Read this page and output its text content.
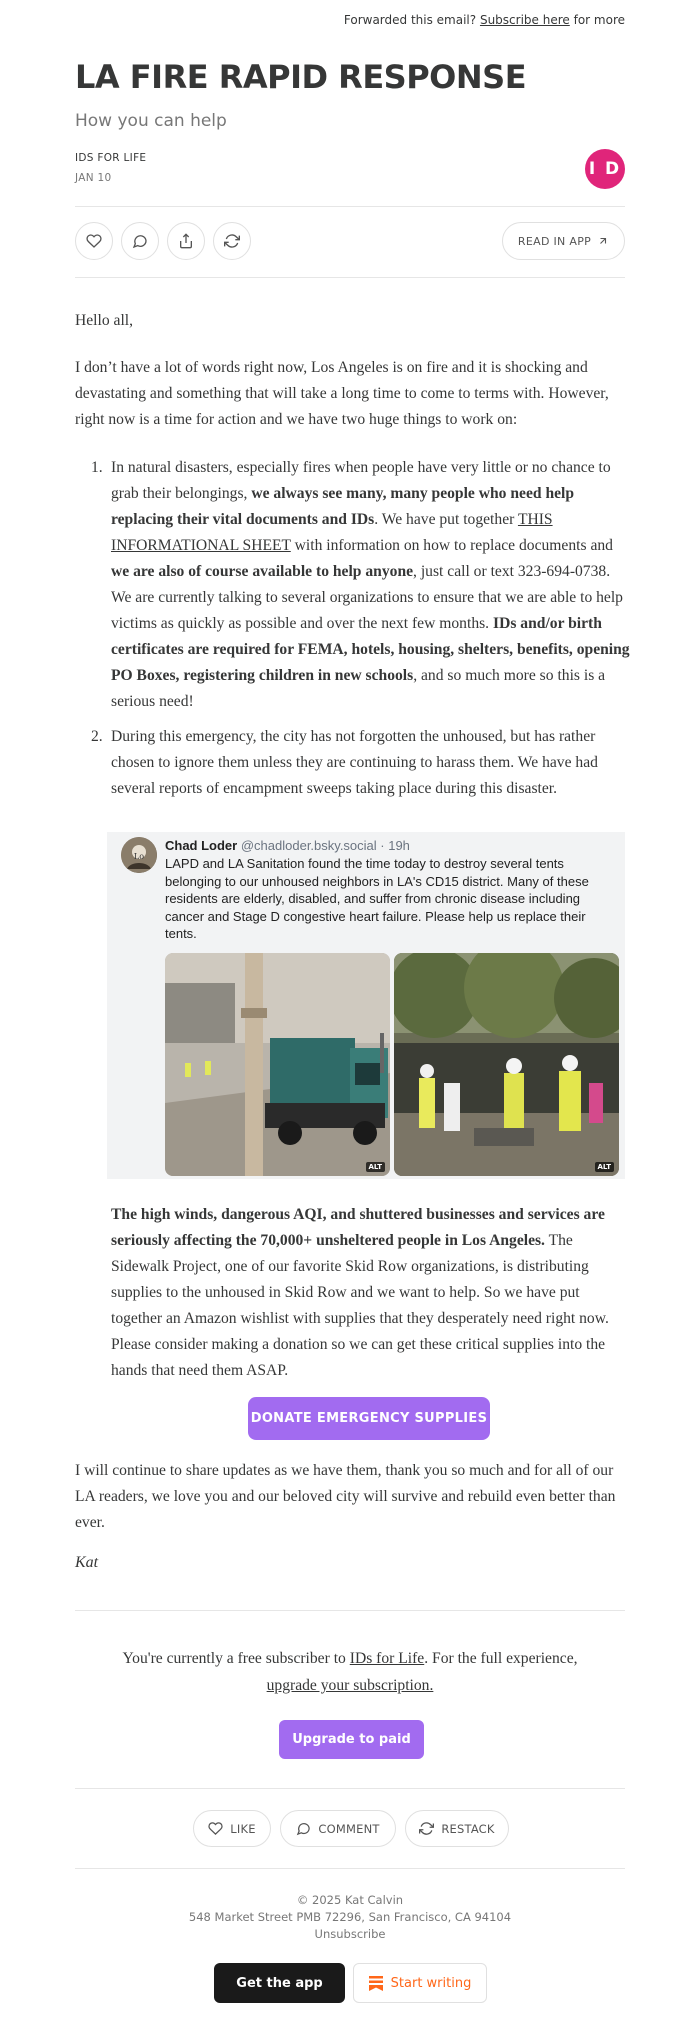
Forwarded this email? Subscribe here for more
LA FIRE RAPID RESPONSE
How you can help
IDS FOR LIFE
JAN 10	I D
READ IN APP
Hello all,
I don’t have a lot of words right now, Los Angeles is on fire and it is shocking and devastating and something that will take a long time to come to terms with. However, right now is a time for action and we have two huge things to work on:
1. In natural disasters, especially fires when people have very little or no chance to grab their belongings, we always see many, many people who need help replacing their vital documents and IDs. We have put together THIS INFORMATIONAL SHEET with information on how to replace documents and we are also of course available to help anyone, just call or text 323-694-0738. We are currently talking to several organizations to ensure that we are able to help victims as quickly as possible and over the next few months. IDs and/or birth certificates are required for FEMA, hotels, housing, shelters, benefits, opening PO Boxes, registering children in new schools, and so much more so this is a serious need!
2. During this emergency, the city has not forgotten the unhoused, but has rather chosen to ignore them unless they are continuing to harass them. We have had several reports of encampment sweeps taking place during this disaster.
Lo
Chad Loder @chadloder.bsky.social · 19h
LAPD and LA Sanitation found the time today to destroy several tents belonging to our unhoused neighbors in LA's CD15 district. Many of these residents are elderly, disabled, and suffer from chronic disease including cancer and Stage D congestive heart failure. Please help us replace their tents.
ALT	ALT
The high winds, dangerous AQI, and shuttered businesses and services are seriously affecting the 70,000+ unsheltered people in Los Angeles. The Sidewalk Project, one of our favorite Skid Row organizations, is distributing supplies to the unhoused in Skid Row and we want to help. So we have put together an Amazon wishlist with supplies that they desperately need right now. Please consider making a donation so we can get these critical supplies into the hands that need them ASAP.
DONATE EMERGENCY SUPPLIES
I will continue to share updates as we have them, thank you so much and for all of our LA readers, we love you and our beloved city will survive and rebuild even better than ever.
Kat
You're currently a free subscriber to IDs for Life. For the full experience,
upgrade your subscription.
Upgrade to paid
LIKE	COMMENT	RESTACK
© 2025 Kat Calvin
548 Market Street PMB 72296, San Francisco, CA 94104
Unsubscribe
Get the app	Start writing
